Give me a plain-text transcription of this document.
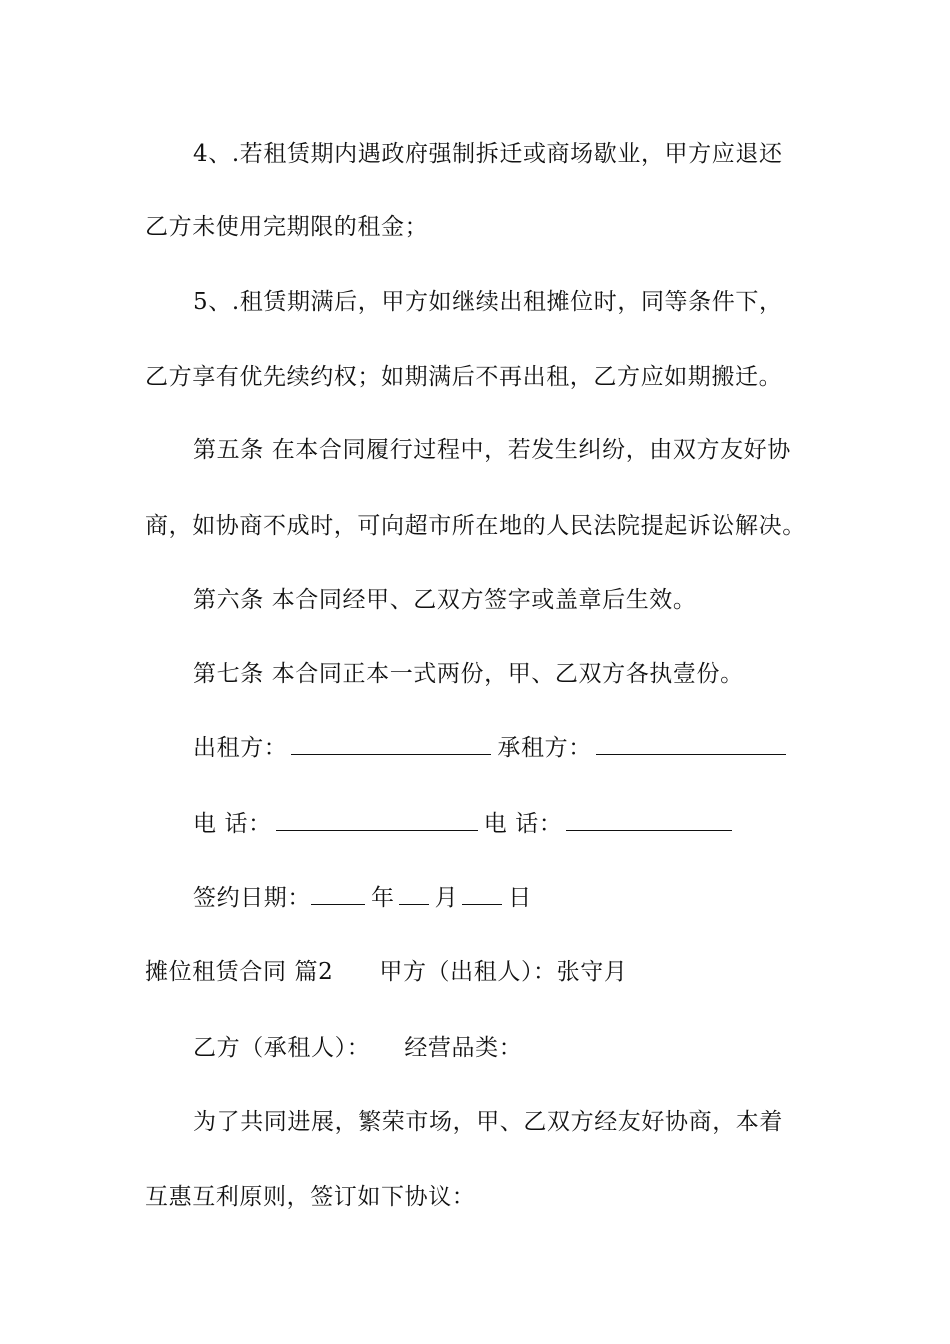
4、.若租赁期内遇政府强制拆迁或商场歇业，甲方应退还
乙方未使用完期限的租金；
5、.租赁期满后，甲方如继续出租摊位时，同等条件下，
乙方享有优先续约权；如期满后不再出租，乙方应如期搬迁。
第五条 在本合同履行过程中，若发生纠纷，由双方友好协
商，如协商不成时，可向超市所在地的人民法院提起诉讼解决。
第六条 本合同经甲、乙双方签字或盖章后生效。
第七条 本合同正本一式两份，甲、乙双方各执壹份。
出租方：	承租方：
电 话：	电 话：
签约日期：	年 月 日
摊位租赁合同 篇2 甲方（出租人）：张守月
乙方（承租人）： 经营品类：
为了共同进展，繁荣市场，甲、乙双方经友好协商，本着
互惠互利原则，签订如下协议：
